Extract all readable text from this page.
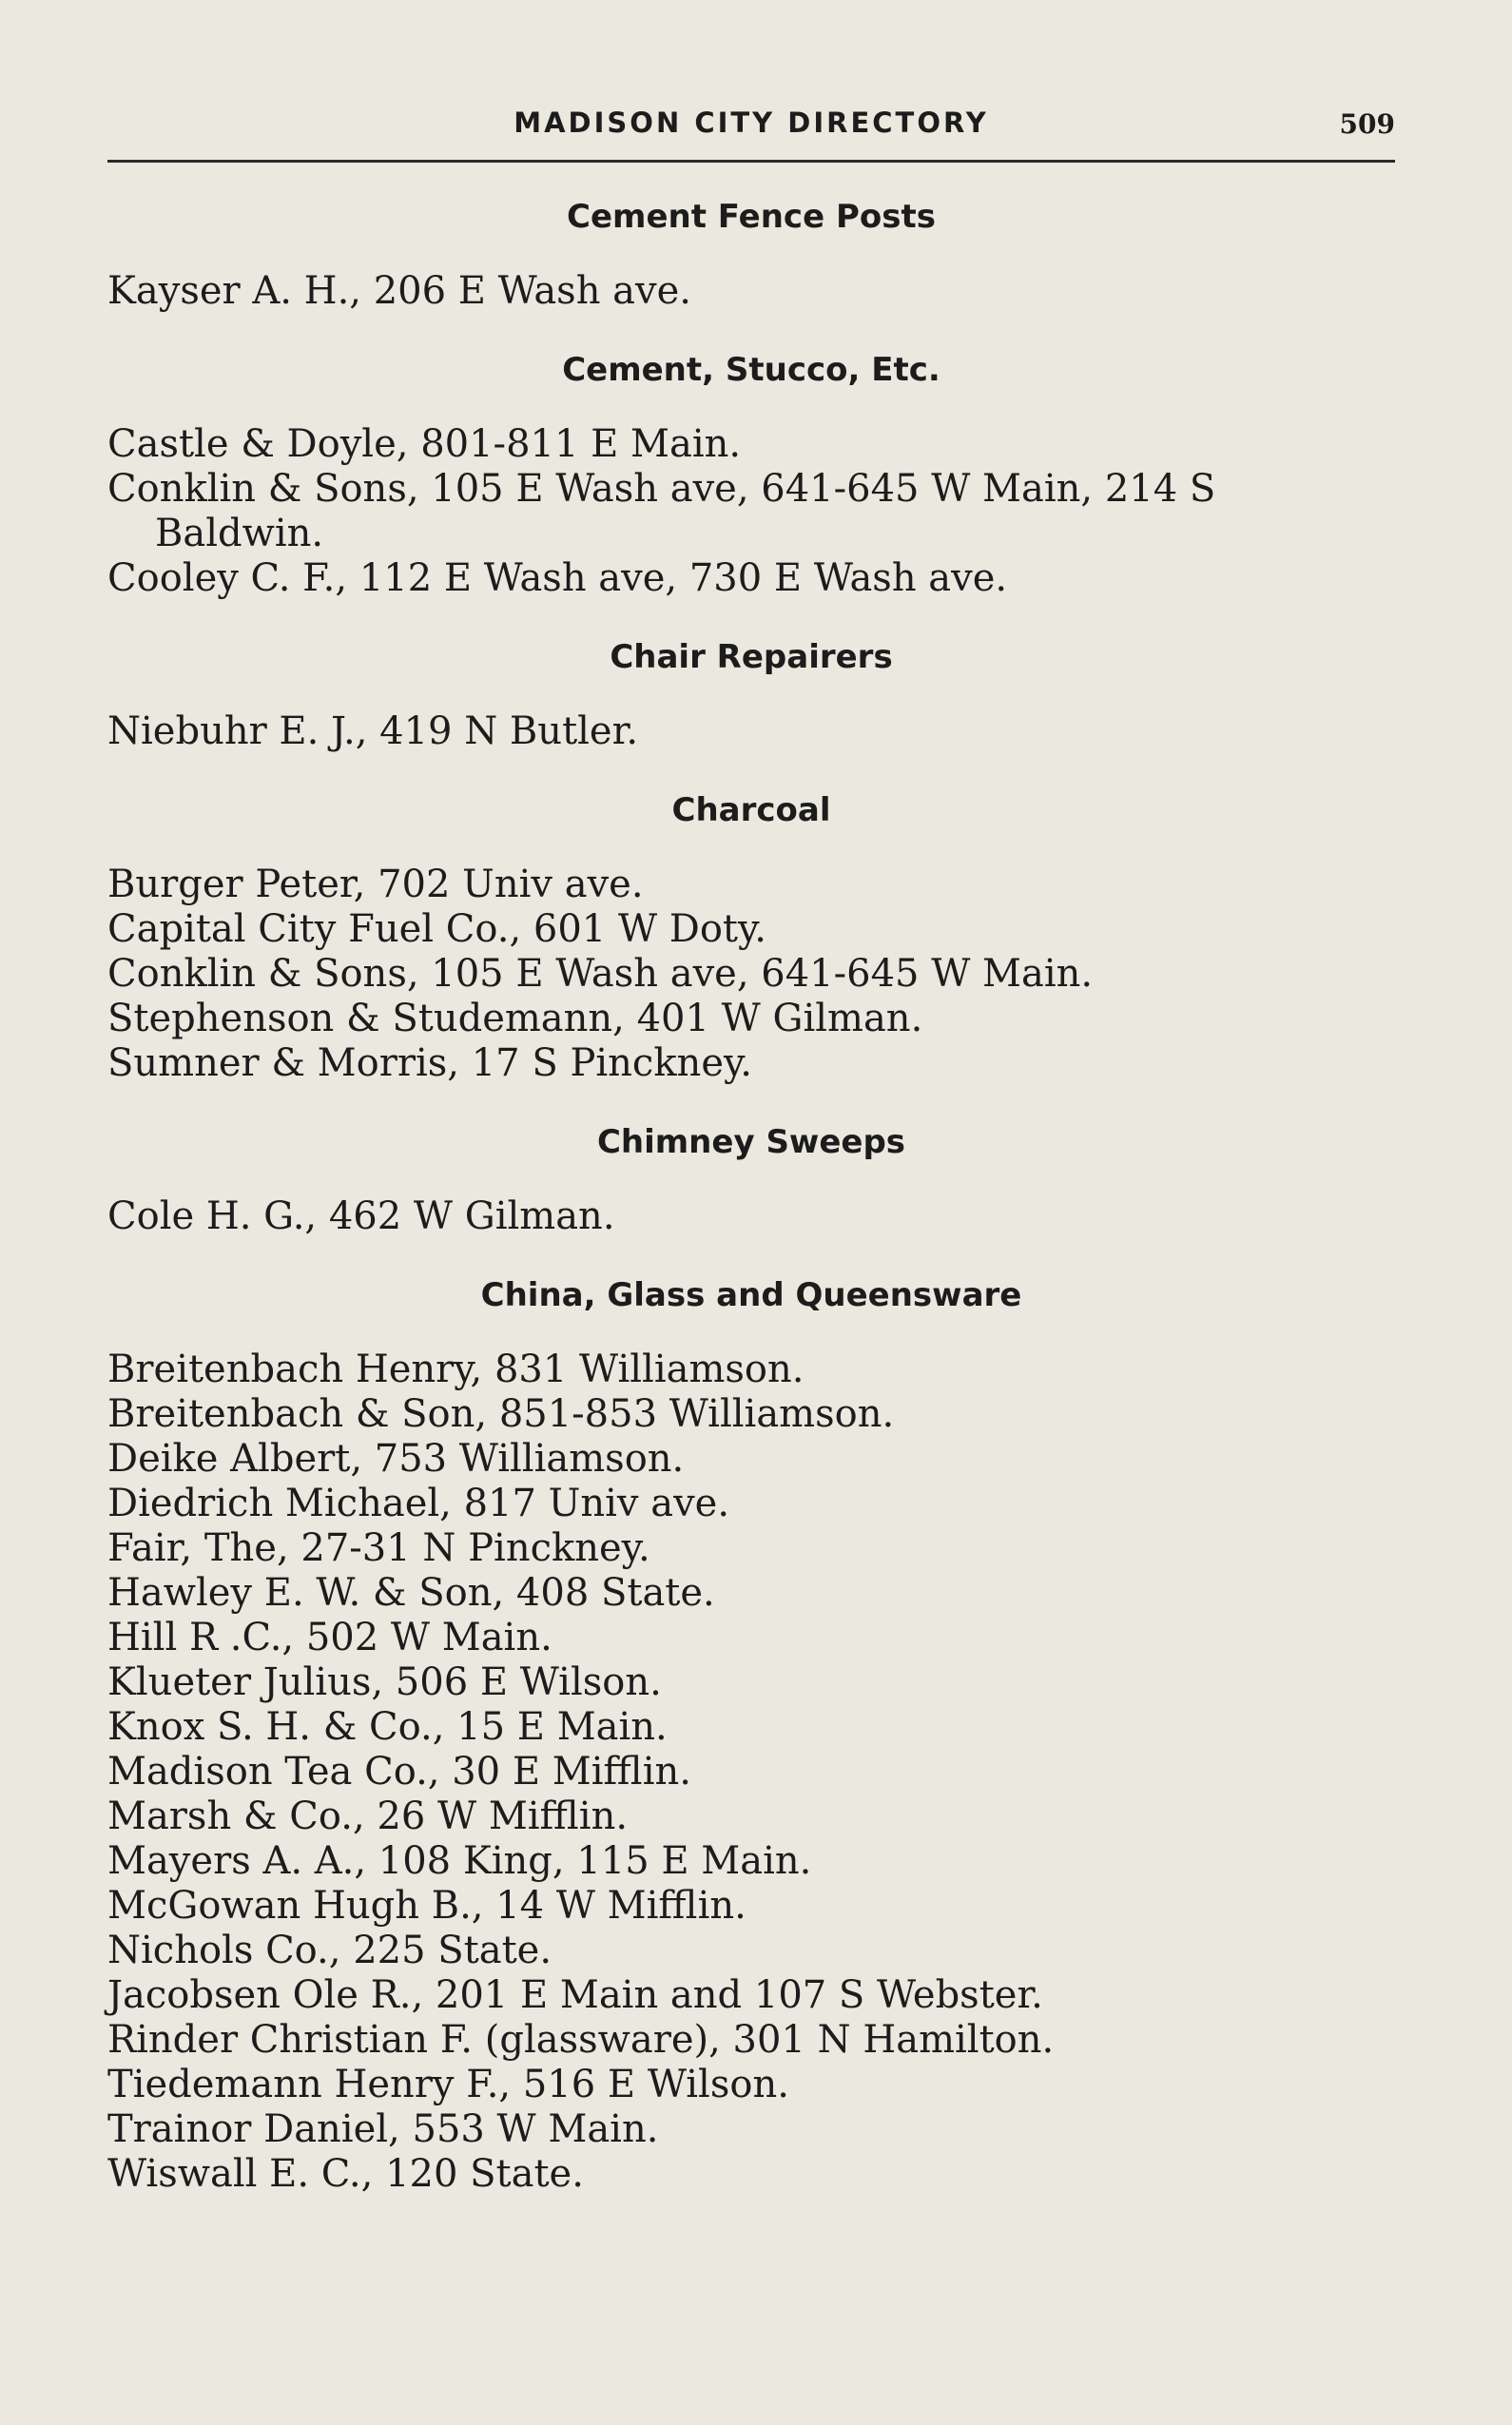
MADISON CITY DIRECTORY	509
Cement Fence Posts
Kayser A. H., 206 E Wash ave.
Cement, Stucco, Etc.
Castle & Doyle, 801-811 E Main.
Conklin & Sons, 105 E Wash ave, 641-645 W Main, 214 S Baldwin.
Cooley C. F., 112 E Wash ave, 730 E Wash ave.
Chair Repairers
Niebuhr E. J., 419 N Butler.
Charcoal
Burger Peter, 702 Univ ave.
Capital City Fuel Co., 601 W Doty.
Conklin & Sons, 105 E Wash ave, 641-645 W Main.
Stephenson & Studemann, 401 W Gilman.
Sumner & Morris, 17 S Pinckney.
Chimney Sweeps
Cole H. G., 462 W Gilman.
China, Glass and Queensware
Breitenbach Henry, 831 Williamson.
Breitenbach & Son, 851-853 Williamson.
Deike Albert, 753 Williamson.
Diedrich Michael, 817 Univ ave.
Fair, The, 27-31 N Pinckney.
Hawley E. W. & Son, 408 State.
Hill R .C., 502 W Main.
Klueter Julius, 506 E Wilson.
Knox S. H. & Co., 15 E Main.
Madison Tea Co., 30 E Mifflin.
Marsh & Co., 26 W Mifflin.
Mayers A. A., 108 King, 115 E Main.
McGowan Hugh B., 14 W Mifflin.
Nichols Co., 225 State.
Jacobsen Ole R., 201 E Main and 107 S Webster.
Rinder Christian F. (glassware), 301 N Hamilton.
Tiedemann Henry F., 516 E Wilson.
Trainor Daniel, 553 W Main.
Wiswall E. C., 120 State.
